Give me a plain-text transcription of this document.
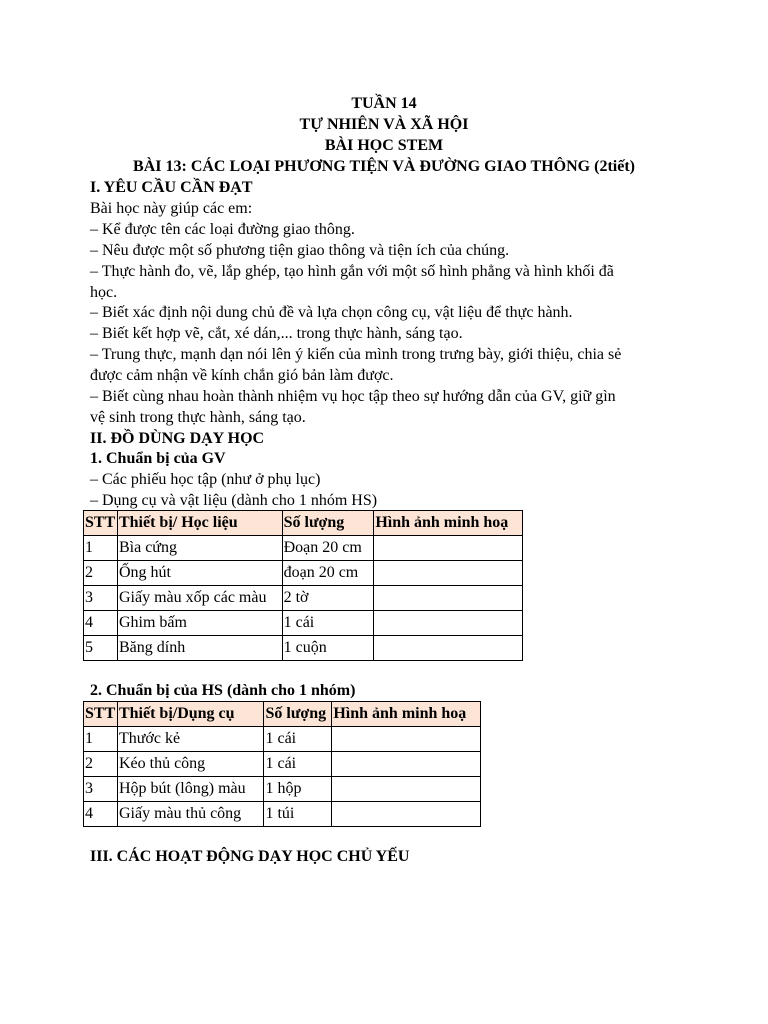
TUẦN 14
TỰ NHIÊN VÀ XÃ HỘI
BÀI HỌC STEM
BÀI 13: CÁC LOẠI PHƯƠNG TIỆN VÀ ĐƯỜNG GIAO THÔNG (2tiết)
I. YÊU CẦU CẦN ĐẠT
Bài học này giúp các em:
– Kể được tên các loại đường giao thông.
– Nêu được một số phương tiện giao thông và tiện ích của chúng.
– Thực hành đo, vẽ, lắp ghép, tạo hình gắn với một số hình phẳng và hình khối đã
học.
– Biết xác định nội dung chủ đề và lựa chọn công cụ, vật liệu để thực hành.
– Biết kết hợp vẽ, cắt, xé dán,... trong thực hành, sáng tạo.
– Trung thực, mạnh dạn nói lên ý kiến của mình trong trưng bày, giới thiệu, chia sẻ
được cảm nhận về kính chắn gió bản làm được.
– Biết cùng nhau hoàn thành nhiệm vụ học tập theo sự hướng dẫn của GV, giữ gìn
vệ sinh trong thực hành, sáng tạo.
II. ĐỒ DÙNG DẠY HỌC
1. Chuẩn bị của GV
– Các phiếu học tập (như ở phụ lục)
– Dụng cụ và vật liệu (dành cho 1 nhóm HS)
STT	Thiết bị/ Học liệu	Số lượng	Hình ảnh minh hoạ
1	Bìa cứng	Đoạn 20 cm	
2	Ống hút	đoạn 20 cm	
3	Giấy màu xốp các màu	2 tờ	
4	Ghim bấm	1 cái	
5	Băng dính	1 cuộn	
2. Chuẩn bị của HS (dành cho 1 nhóm)
STT	Thiết bị/Dụng cụ	Số lượng	Hình ảnh minh hoạ
1	Thước kẻ	1 cái	
2	Kéo thủ công	1 cái	
3	Hộp bút (lông) màu	1 hộp	
4	Giấy màu thủ công	1 túi	
III. CÁC HOẠT ĐỘNG DẠY HỌC CHỦ YẾU
